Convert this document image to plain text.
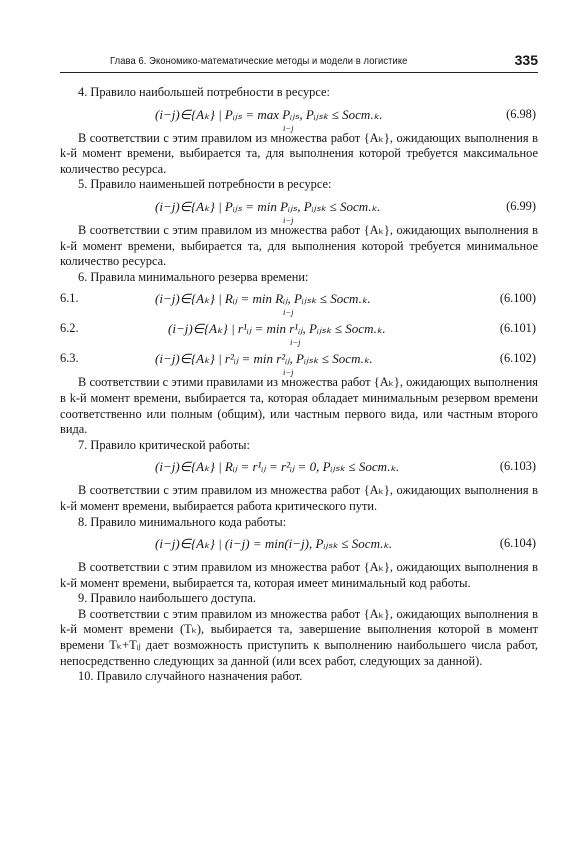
Глава 6. Экономико-математические методы и модели в логистике	335

4. Правило наибольшей потребности в ресурсе:

(i−j)∈{Aₖ} | Pᵢⱼₛ = max Pᵢⱼₛ, Pᵢⱼₛₖ ≤ Sост.ₖ.
i−j
(6.98)

В соответствии с этим правилом из множества работ {Aₖ}, ожидающих выполнения в k-й момент времени, выбирается та, для выполнения которой требуется максимальное количество ресурса.

5. Правило наименьшей потребности в ресурсе:

(i−j)∈{Aₖ} | Pᵢⱼₛ = min Pᵢⱼₛ, Pᵢⱼₛₖ ≤ Sост.ₖ.
i−j
(6.99)

В соответствии с этим правилом из множества работ {Aₖ}, ожидающих выполнения в k-й момент времени, выбирается та, для выполнения которой требуется минимальное количество ресурса.

6. Правила минимального резерва времени:

6.1.	(i−j)∈{Aₖ} | Rᵢⱼ = min Rᵢⱼ, Pᵢⱼₛₖ ≤ Sост.ₖ.
i−j
(6.100)
6.2.	(i−j)∈{Aₖ} | r¹ᵢⱼ = min r¹ᵢⱼ, Pᵢⱼₛₖ ≤ Sост.ₖ.
i−j
(6.101)
6.3.	(i−j)∈{Aₖ} | r²ᵢⱼ = min r²ᵢⱼ, Pᵢⱼₛₖ ≤ Sост.ₖ.
i−j
(6.102)

В соответствии с этими правилами из множества работ {Aₖ}, ожидающих выполнения в k-й момент времени, выбирается та, которая обладает минимальным резервом времени соответственно или полным (общим), или частным первого вида, или частным второго вида.

7. Правило критической работы:

(i−j)∈{Aₖ} | Rᵢⱼ = r¹ᵢⱼ = r²ᵢⱼ = 0, Pᵢⱼₛₖ ≤ Sост.ₖ.	(6.103)

В соответствии с этим правилом из множества работ {Aₖ}, ожидающих выполнения в k-й момент времени, выбирается работа критического пути.

8. Правило минимального кода работы:

(i−j)∈{Aₖ} | (i−j) = min(i−j), Pᵢⱼₛₖ ≤ Sост.ₖ.	(6.104)

В соответствии с этим правилом из множества работ {Aₖ}, ожидающих выполнения в k-й момент времени, выбирается та, которая имеет минимальный код работы.

9. Правило наибольшего доступа.

В соответствии с этим правилом из множества работ {Aₖ}, ожидающих выполнения в k-й момент времени (Tₖ), выбирается та, завершение выполнения которой в момент времени Tₖ+Tᵢⱼ дает возможность приступить к выполнению наибольшего числа работ, непосредственно следующих за данной (или всех работ, следующих за данной).

10. Правило случайного назначения работ.
